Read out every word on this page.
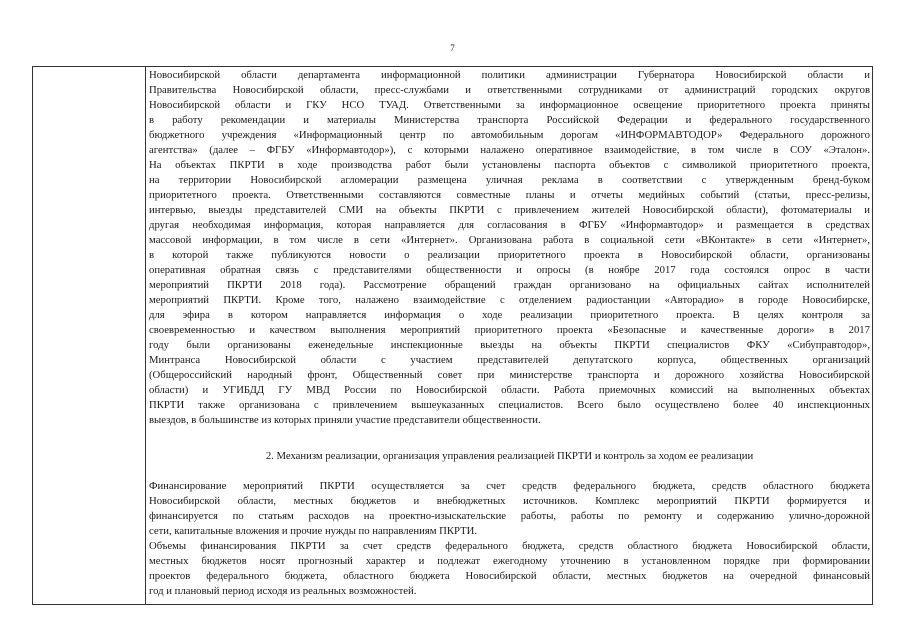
7
Новосибирской области департамента информационной политики администрации Губернатора Новосибирской области и
Правительства Новосибирской области, пресс-службами и ответственными сотрудниками от администраций городских округов
Новосибирской области и ГКУ НСО ТУАД. Ответственными за информационное освещение приоритетного проекта приняты
в работу рекомендации и материалы Министерства транспорта Российской Федерации и федерального государственного
бюджетного учреждения «Информационный центр по автомобильным дорогам «ИНФОРМАВТОДОР» Федерального дорожного
агентства» (далее – ФГБУ «Информавтодор»), с которыми налажено оперативное взаимодействие, в том числе в СОУ «Эталон».
На объектах ПКРТИ в ходе производства работ были установлены паспорта объектов с символикой приоритетного проекта,
на территории Новосибирской агломерации размещена уличная реклама в соответствии с утвержденным бренд-буком
приоритетного проекта. Ответственными составляются совместные планы и отчеты медийных событий (статьи, пресс-релизы,
интервью, выезды представителей СМИ на объекты ПКРТИ с привлечением жителей Новосибирской области), фотоматериалы и
другая необходимая информация, которая направляется для согласования в ФГБУ «Информавтодор» и размещается в средствах
массовой информации, в том числе в сети «Интернет». Организована работа в социальной сети «ВКонтакте» в сети «Интернет»,
в которой также публикуются новости о реализации приоритетного проекта в Новосибирской области, организованы
оперативная обратная связь с представителями общественности и опросы (в ноябре 2017 года состоялся опрос в части
мероприятий ПКРТИ 2018 года). Рассмотрение обращений граждан организовано на официальных сайтах исполнителей
мероприятий ПКРТИ. Кроме того, налажено взаимодействие с отделением радиостанции «Авторадио» в городе Новосибирске,
для эфира в котором направляется информация о ходе реализации приоритетного проекта. В целях контроля за
своевременностью и качеством выполнения мероприятий приоритетного проекта «Безопасные и качественные дороги» в 2017
году были организованы еженедельные инспекционные выезды на объекты ПКРТИ специалистов ФКУ «Сибуправтодор»,
Минтранса Новосибирской области с участием представителей депутатского корпуса, общественных организаций
(Общероссийский народный фронт, Общественный совет при министерстве транспорта и дорожного хозяйства Новосибирской
области) и УГИБДД ГУ МВД России по Новосибирской области. Работа приемочных комиссий на выполненных объектах
ПКРТИ также организована с привлечением вышеуказанных специалистов. Всего было осуществлено более 40 инспекционных
выездов, в большинстве из которых приняли участие представители общественности.
2. Механизм реализации, организация управления реализацией ПКРТИ и контроль за ходом ее реализации
Финансирование мероприятий ПКРТИ осуществляется за счет средств федерального бюджета, средств областного бюджета
Новосибирской области, местных бюджетов и внебюджетных источников. Комплекс мероприятий ПКРТИ формируется и
финансируется по статьям расходов на проектно-изыскательские работы, работы по ремонту и содержанию улично-дорожной
сети, капитальные вложения и прочие нужды по направлениям ПКРТИ.
Объемы финансирования ПКРТИ за счет средств федерального бюджета, средств областного бюджета Новосибирской области,
местных бюджетов носят прогнозный характер и подлежат ежегодному уточнению в установленном порядке при формировании
проектов федерального бюджета, областного бюджета Новосибирской области, местных бюджетов на очередной финансовый
год и плановый период исходя из реальных возможностей.
